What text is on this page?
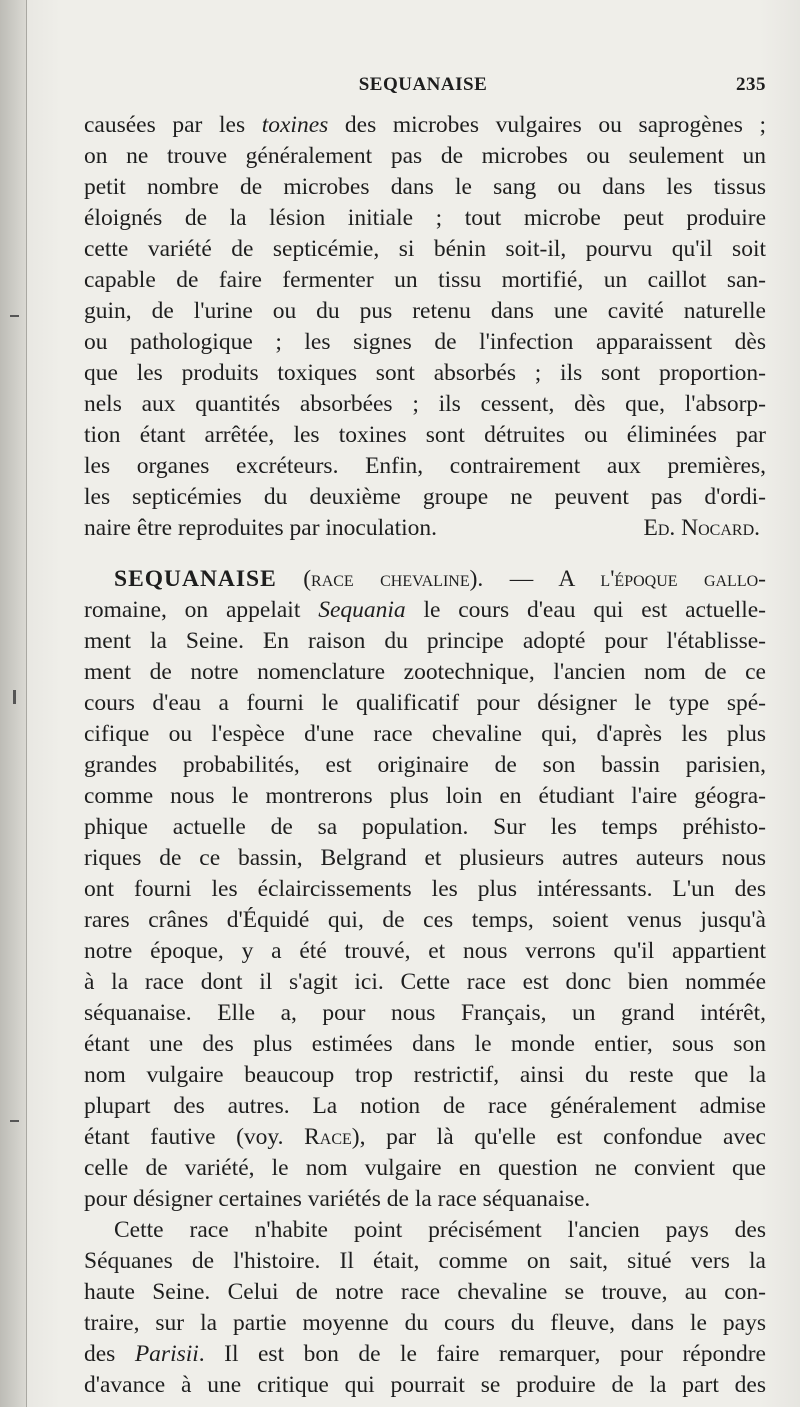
SEQUANAISE	235
causées par les toxines des microbes vulgaires ou saprogènes ;
on ne trouve généralement pas de microbes ou seulement un
petit nombre de microbes dans le sang ou dans les tissus
éloignés de la lésion initiale ; tout microbe peut produire
cette variété de septicémie, si bénin soit-il, pourvu qu'il soit
capable de faire fermenter un tissu mortifié, un caillot san-
guin, de l'urine ou du pus retenu dans une cavité naturelle
ou pathologique ; les signes de l'infection apparaissent dès
que les produits toxiques sont absorbés ; ils sont proportion-
nels aux quantités absorbées ; ils cessent, dès que, l'absorp-
tion étant arrêtée, les toxines sont détruites ou éliminées par
les organes excréteurs. Enfin, contrairement aux premières,
les septicémies du deuxième groupe ne peuvent pas d'ordi-
naire être reproduites par inoculation.	Ed. Nocard.
SEQUANAISE (race chevaline). — A l'époque gallo-
romaine, on appelait Sequania le cours d'eau qui est actuelle-
ment la Seine. En raison du principe adopté pour l'établisse-
ment de notre nomenclature zootechnique, l'ancien nom de ce
cours d'eau a fourni le qualificatif pour désigner le type spé-
cifique ou l'espèce d'une race chevaline qui, d'après les plus
grandes probabilités, est originaire de son bassin parisien,
comme nous le montrerons plus loin en étudiant l'aire géogra-
phique actuelle de sa population. Sur les temps préhisto-
riques de ce bassin, Belgrand et plusieurs autres auteurs nous
ont fourni les éclaircissements les plus intéressants. L'un des
rares crânes d'Équidé qui, de ces temps, soient venus jusqu'à
notre époque, y a été trouvé, et nous verrons qu'il appartient
à la race dont il s'agit ici. Cette race est donc bien nommée
séquanaise. Elle a, pour nous Français, un grand intérêt,
étant une des plus estimées dans le monde entier, sous son
nom vulgaire beaucoup trop restrictif, ainsi du reste que la
plupart des autres. La notion de race généralement admise
étant fautive (voy. Race), par là qu'elle est confondue avec
celle de variété, le nom vulgaire en question ne convient que
pour désigner certaines variétés de la race séquanaise.
Cette race n'habite point précisément l'ancien pays des
Séquanes de l'histoire. Il était, comme on sait, situé vers la
haute Seine. Celui de notre race chevaline se trouve, au con-
traire, sur la partie moyenne du cours du fleuve, dans le pays
des Parisii. Il est bon de le faire remarquer, pour répondre
d'avance à une critique qui pourrait se produire de la part des
